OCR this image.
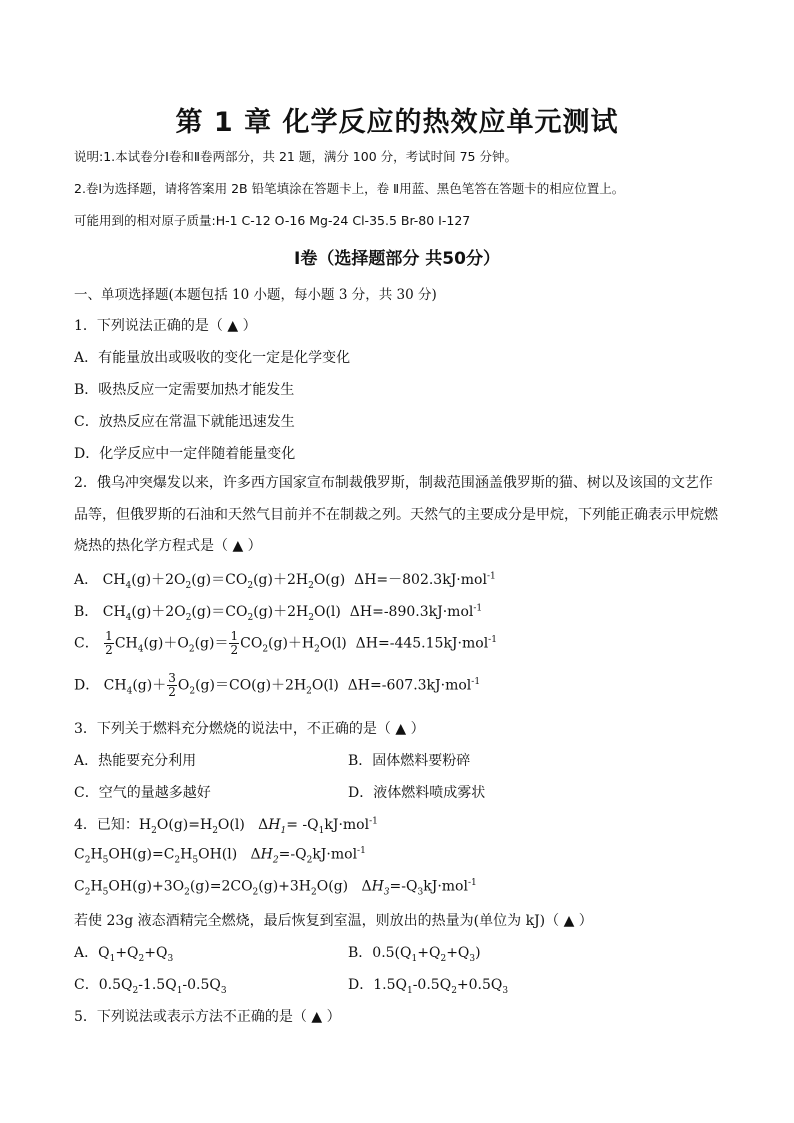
第 1 章 化学反应的热效应单元测试
说明:1.本试卷分Ⅰ卷和Ⅱ卷两部分，共 21 题，满分 100 分，考试时间 75 分钟。
2.卷Ⅰ为选择题，请将答案用 2B 铅笔填涂在答题卡上，卷 Ⅱ用蓝、黑色笔答在答题卡的相应位置上。
可能用到的相对原子质量:H-1 C-12 O-16 Mg-24 Cl-35.5 Br-80 I-127
Ⅰ卷（选择题部分 共50分）
一、单项选择题(本题包括 10 小题，每小题 3 分，共 30 分)
1．下列说法正确的是（ ▲ ）
A．有能量放出或吸收的变化一定是化学变化
B．吸热反应一定需要加热才能发生
C．放热反应在常温下就能迅速发生
D．化学反应中一定伴随着能量变化
2．俄乌冲突爆发以来，许多西方国家宣布制裁俄罗斯，制裁范围涵盖俄罗斯的猫、树以及该国的文艺作品等，但俄罗斯的石油和天然气目前并不在制裁之列。天然气的主要成分是甲烷，下列能正确表示甲烷燃烧热的热化学方程式是（ ▲ ）
A． $CH_4(g)+2O_2(g)=CO_2(g)+2H_2O(g)$  ΔH=－802.3kJ·mol$^{-1}$
B． $CH_4(g)+2O_2(g)=CO_2(g)+2H_2O(l)$  ΔH=-890.3kJ·mol$^{-1}$
C． $\frac{1}{2} CH_4(g)+O_2(g)= \frac{1}{2} CO_2(g)+H_2O(l)$  ΔH=-445.15kJ·mol$^{-1}$
D． $CH_4(g)+ \frac{3}{2} O_2(g)=CO(g)+2H_2O(l)$  ΔH=-607.3kJ·mol$^{-1}$
3．下列关于燃料充分燃烧的说法中，不正确的是（ ▲ ）
A．热能要充分利用	B．固体燃料要粉碎
C．空气的量越多越好	D．液体燃料喷成雾状
4．已知：$H_2O(g)=H_2O(l)$   $\Delta H_1= -Q_1kJ\cdot mol^{-1}$
$C_2H_5OH(g)=C_2H_5OH(l)$   $\Delta H_2=-Q_2kJ\cdot mol^{-1}$
$C_2H_5OH(g)+3O_2(g)=2CO_2(g)+3H_2O(g)$   $\Delta H_3=-Q_3kJ\cdot mol^{-1}$
若使 23g 液态酒精完全燃烧，最后恢复到室温，则放出的热量为(单位为 kJ)（ ▲ ）
A．$Q_1+Q_2+Q_3$	B．$0.5(Q_1+Q_2+Q_3)$
C．$0.5Q_2-1.5Q_1-0.5Q_3$	D．$1.5Q_1-0.5Q_2+0.5Q_3$
5．下列说法或表示方法不正确的是（ ▲ ）
